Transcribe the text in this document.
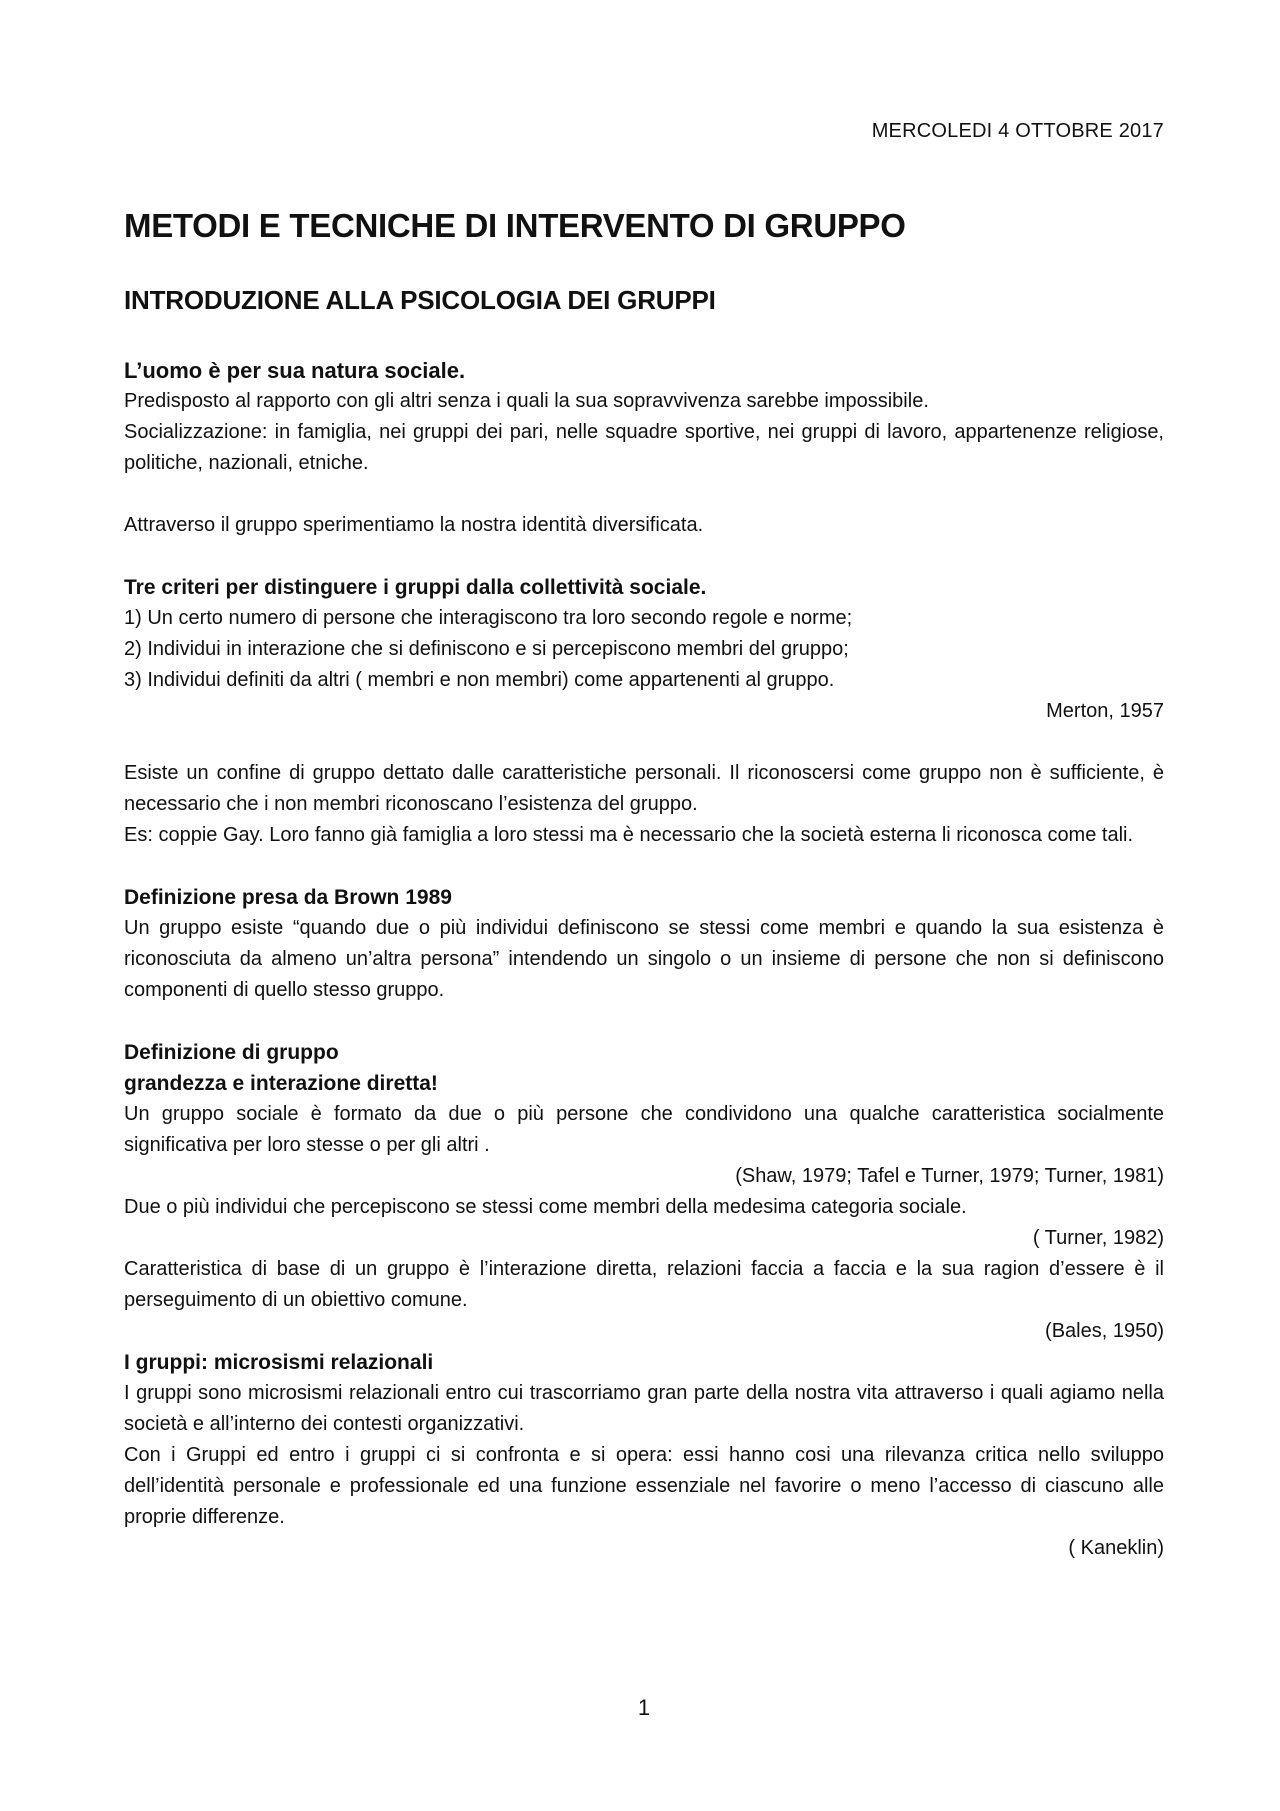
MERCOLEDI 4 OTTOBRE 2017
METODI E TECNICHE DI INTERVENTO DI GRUPPO
INTRODUZIONE ALLA PSICOLOGIA DEI GRUPPI

L’uomo è per sua natura sociale.

Predisposto al rapporto con gli altri senza i quali la sua sopravvivenza sarebbe impossibile.

Socializzazione: in famiglia, nei gruppi dei pari, nelle squadre sportive, nei gruppi di lavoro, appartenenze religiose, politiche, nazionali, etniche.

Attraverso il gruppo sperimentiamo la nostra identità diversificata.

Tre criteri per distinguere i gruppi dalla collettività sociale.

1) Un certo numero di persone che interagiscono tra loro secondo regole e norme;
2) Individui in interazione che si definiscono e si percepiscono membri del gruppo;
3) Individui definiti da altri ( membri e non membri) come appartenenti al gruppo.

Merton, 1957

Esiste un confine di gruppo dettato dalle caratteristiche personali. Il riconoscersi come gruppo non è sufficiente, è necessario che i non membri riconoscano l’esistenza del gruppo.

Es: coppie Gay. Loro fanno già famiglia a loro stessi ma è necessario che la società esterna li riconosca come tali.

Definizione presa da Brown 1989

Un gruppo esiste “quando due o più individui definiscono se stessi come membri e quando la sua esistenza è riconosciuta da almeno un’altra persona” intendendo un singolo o un insieme di persone che non si definiscono componenti di quello stesso gruppo.

Definizione di gruppo

grandezza e interazione diretta!

Un gruppo sociale è formato da due o più persone che condividono una qualche caratteristica socialmente significativa per loro stesse o per gli altri .

(Shaw, 1979; Tafel e Turner, 1979; Turner, 1981)

Due o più individui che percepiscono se stessi come membri della medesima categoria sociale.

( Turner, 1982)

Caratteristica di base di un gruppo è l’interazione diretta, relazioni faccia a faccia e la sua ragion d’essere è il perseguimento di un obiettivo comune.

(Bales, 1950)

I gruppi: microsismi relazionali

I gruppi sono microsismi relazionali entro cui trascorriamo gran parte della nostra vita attraverso i quali agiamo nella società e all’interno dei contesti organizzativi.

Con i Gruppi ed entro i gruppi ci si confronta e si opera: essi hanno cosi una rilevanza critica nello sviluppo dell’identità personale e professionale ed una funzione essenziale nel favorire o meno l’accesso di ciascuno alle proprie differenze.

( Kaneklin)

1
